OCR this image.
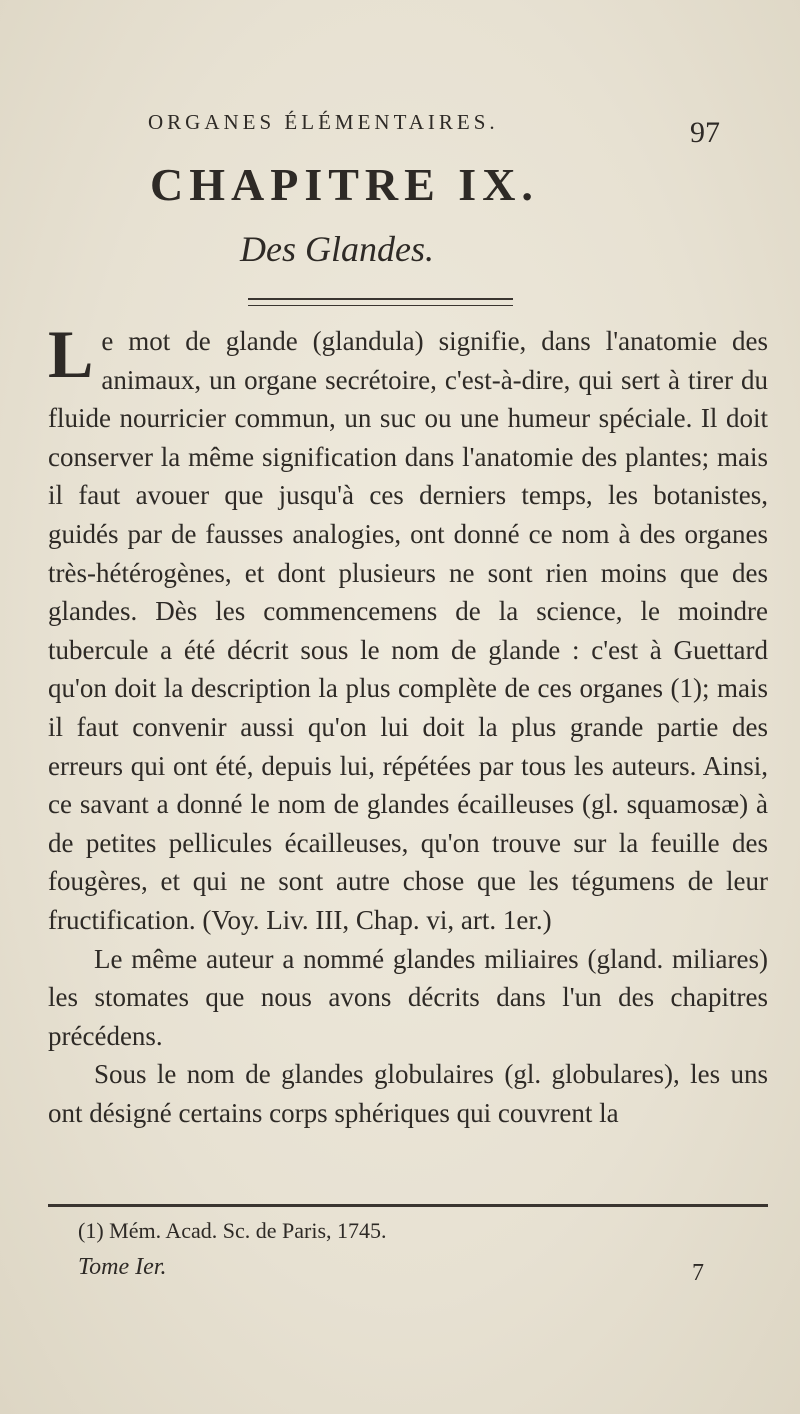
ORGANES ÉLÉMENTAIRES.	97
CHAPITRE IX.
Des Glandes.

Le mot de glande (glandula) signifie, dans l'anatomie des animaux, un organe secrétoire, c'est-à-dire, qui sert à tirer du fluide nourricier commun, un suc ou une humeur spéciale. Il doit conserver la même signification dans l'anatomie des plantes; mais il faut avouer que jusqu'à ces derniers temps, les botanistes, guidés par de fausses analogies, ont donné ce nom à des organes très-hétérogènes, et dont plusieurs ne sont rien moins que des glandes. Dès les commencemens de la science, le moindre tubercule a été décrit sous le nom de glande : c'est à Guettard qu'on doit la description la plus complète de ces organes (1); mais il faut convenir aussi qu'on lui doit la plus grande partie des erreurs qui ont été, depuis lui, répétées par tous les auteurs. Ainsi, ce savant a donné le nom de glandes écailleuses (gl. squamosæ) à de petites pellicules écailleuses, qu'on trouve sur la feuille des fougères, et qui ne sont autre chose que les tégumens de leur fructification. (Voy. Liv. III, Chap. vi, art. 1er.)

Le même auteur a nommé glandes miliaires (gland. miliares) les stomates que nous avons décrits dans l'un des chapitres précédens.

Sous le nom de glandes globulaires (gl. globulares), les uns ont désigné certains corps sphériques qui couvrent la

(1) Mém. Acad. Sc. de Paris, 1745.
Tome Ier.	7
